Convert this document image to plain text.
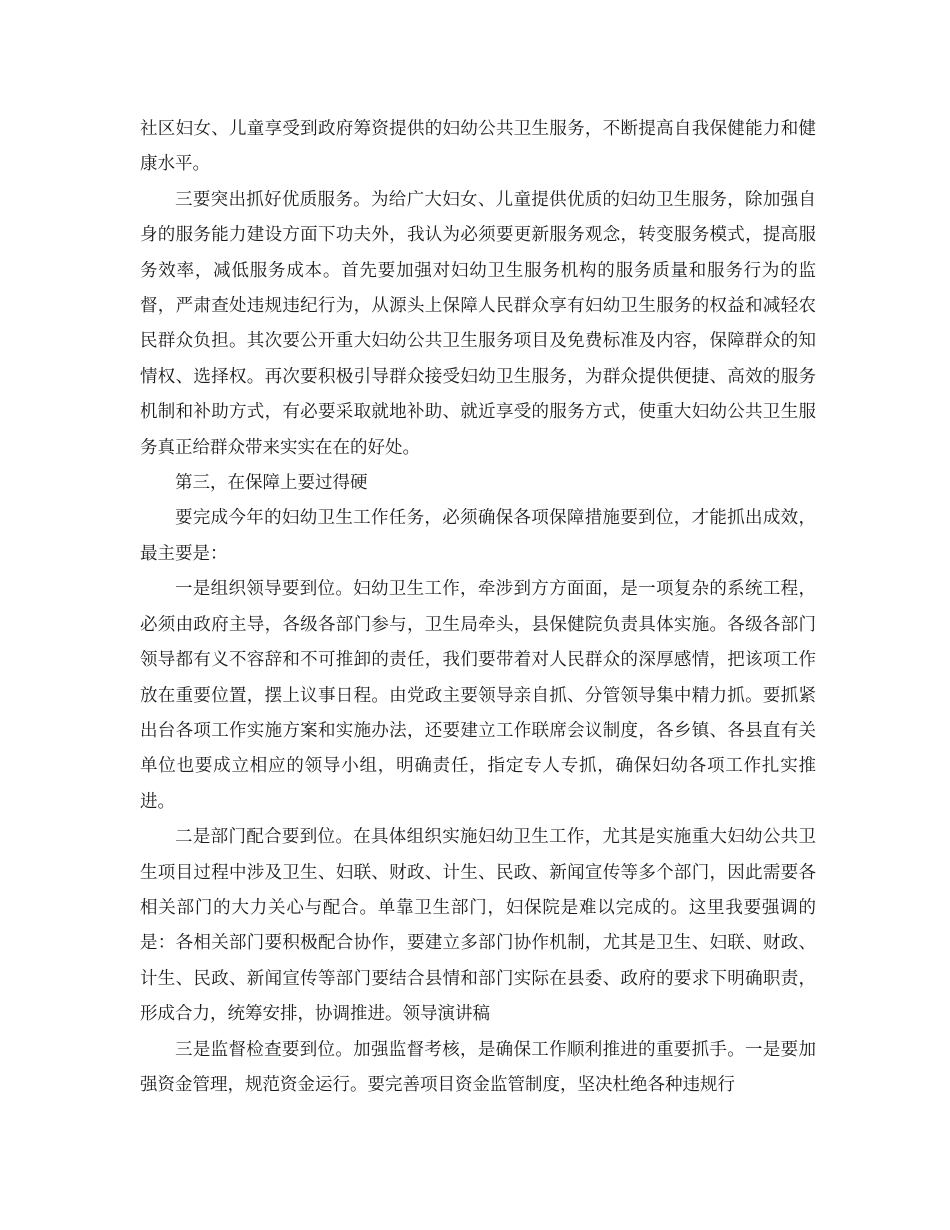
社区妇女、儿童享受到政府筹资提供的妇幼公共卫生服务，不断提高自我保健能力和健康水平。

三要突出抓好优质服务。为给广大妇女、儿童提供优质的妇幼卫生服务，除加强自身的服务能力建设方面下功夫外，我认为必须要更新服务观念，转变服务模式，提高服务效率，减低服务成本。首先要加强对妇幼卫生服务机构的服务质量和服务行为的监督，严肃查处违规违纪行为，从源头上保障人民群众享有妇幼卫生服务的权益和减轻农民群众负担。其次要公开重大妇幼公共卫生服务项目及免费标准及内容，保障群众的知情权、选择权。再次要积极引导群众接受妇幼卫生服务，为群众提供便捷、高效的服务机制和补助方式，有必要采取就地补助、就近享受的服务方式，使重大妇幼公共卫生服务真正给群众带来实实在在的好处。

第三，在保障上要过得硬

要完成今年的妇幼卫生工作任务，必须确保各项保障措施要到位，才能抓出成效，最主要是：

一是组织领导要到位。妇幼卫生工作，牵涉到方方面面，是一项复杂的系统工程，必须由政府主导，各级各部门参与，卫生局牵头，县保健院负责具体实施。各级各部门领导都有义不容辞和不可推卸的责任，我们要带着对人民群众的深厚感情，把该项工作放在重要位置，摆上议事日程。由党政主要领导亲自抓、分管领导集中精力抓。要抓紧出台各项工作实施方案和实施办法，还要建立工作联席会议制度，各乡镇、各县直有关单位也要成立相应的领导小组，明确责任，指定专人专抓，确保妇幼各项工作扎实推进。

二是部门配合要到位。在具体组织实施妇幼卫生工作，尤其是实施重大妇幼公共卫生项目过程中涉及卫生、妇联、财政、计生、民政、新闻宣传等多个部门，因此需要各相关部门的大力关心与配合。单靠卫生部门，妇保院是难以完成的。这里我要强调的是：各相关部门要积极配合协作，要建立多部门协作机制，尤其是卫生、妇联、财政、计生、民政、新闻宣传等部门要结合县情和部门实际在县委、政府的要求下明确职责，形成合力，统筹安排，协调推进。领导演讲稿

三是监督检查要到位。加强监督考核，是确保工作顺利推进的重要抓手。一是要加强资金管理，规范资金运行。要完善项目资金监管制度，坚决杜绝各种违规行
